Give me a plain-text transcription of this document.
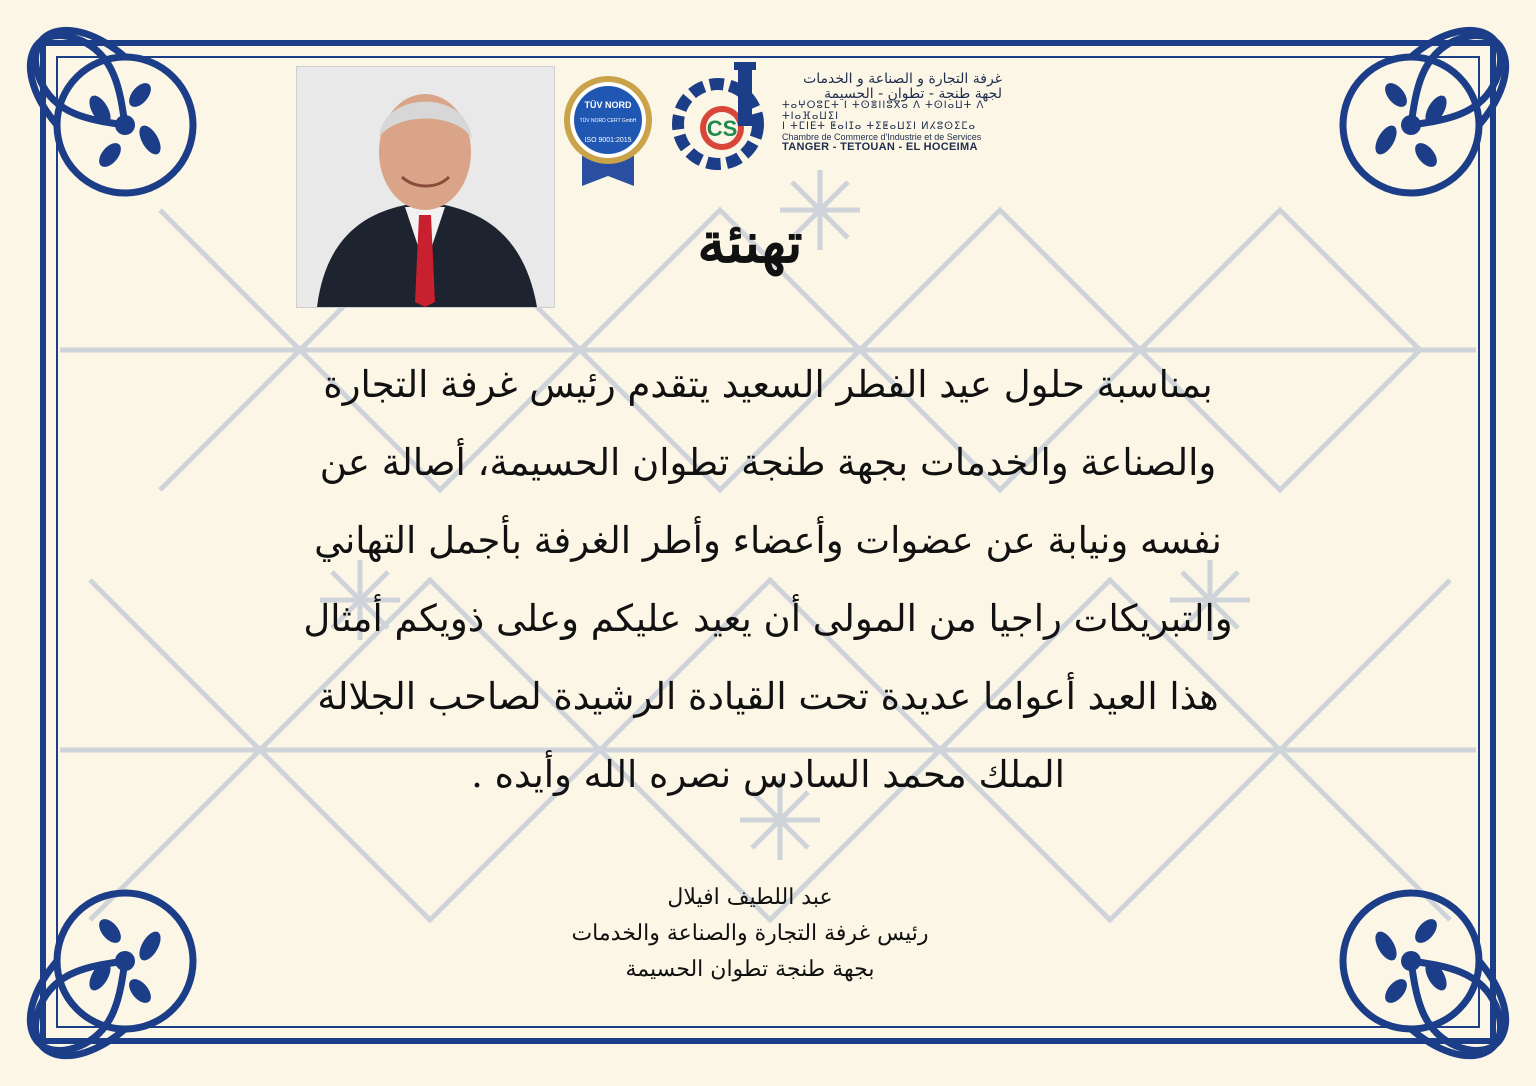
TÜV NORD
TÜV NORD CERT GmbH
ISO 9001:2015	CS
غرفة التجارة و الصناعة و الخدمات
لجهة طنجة - تطوان - الحسيمة
ⵜⴰⵖⵔⵓⵎⵜ ⵏ ⵜⵙⴻⵏⵏⵓⴳⴰ ⴷ ⵜⵙⵏⴰⵡⵜ ⴷ ⵜⵏⴰⴼⴰⵡⵉⵏ
ⵏ ⵜⵎⵏⴹⵜ ⵟⴰⵏⵊⴰ ⵜⵉⵟⴰⵡⵉⵏ ⵍⵃⵓⵙⵉⵎⴰ
Chambre de Commerce d'Industrie et de Services
TANGER - TETOUAN - EL HOCEIMA
تهنئة
بمناسبة حلول عيد الفطر السعيد يتقدم رئيس غرفة التجارة
والصناعة والخدمات بجهة طنجة تطوان الحسيمة، أصالة عن
نفسه ونيابة عن عضوات وأعضاء وأطر الغرفة بأجمل التهاني
والتبريكات راجيا من المولى أن يعيد عليكم وعلى ذويكم أمثال
هذا العيد أعواما عديدة تحت القيادة الرشيدة لصاحب الجلالة
الملك محمد السادس نصره الله وأيده .
عبد اللطيف افيلال
رئيس غرفة التجارة والصناعة والخدمات
بجهة طنجة تطوان الحسيمة
